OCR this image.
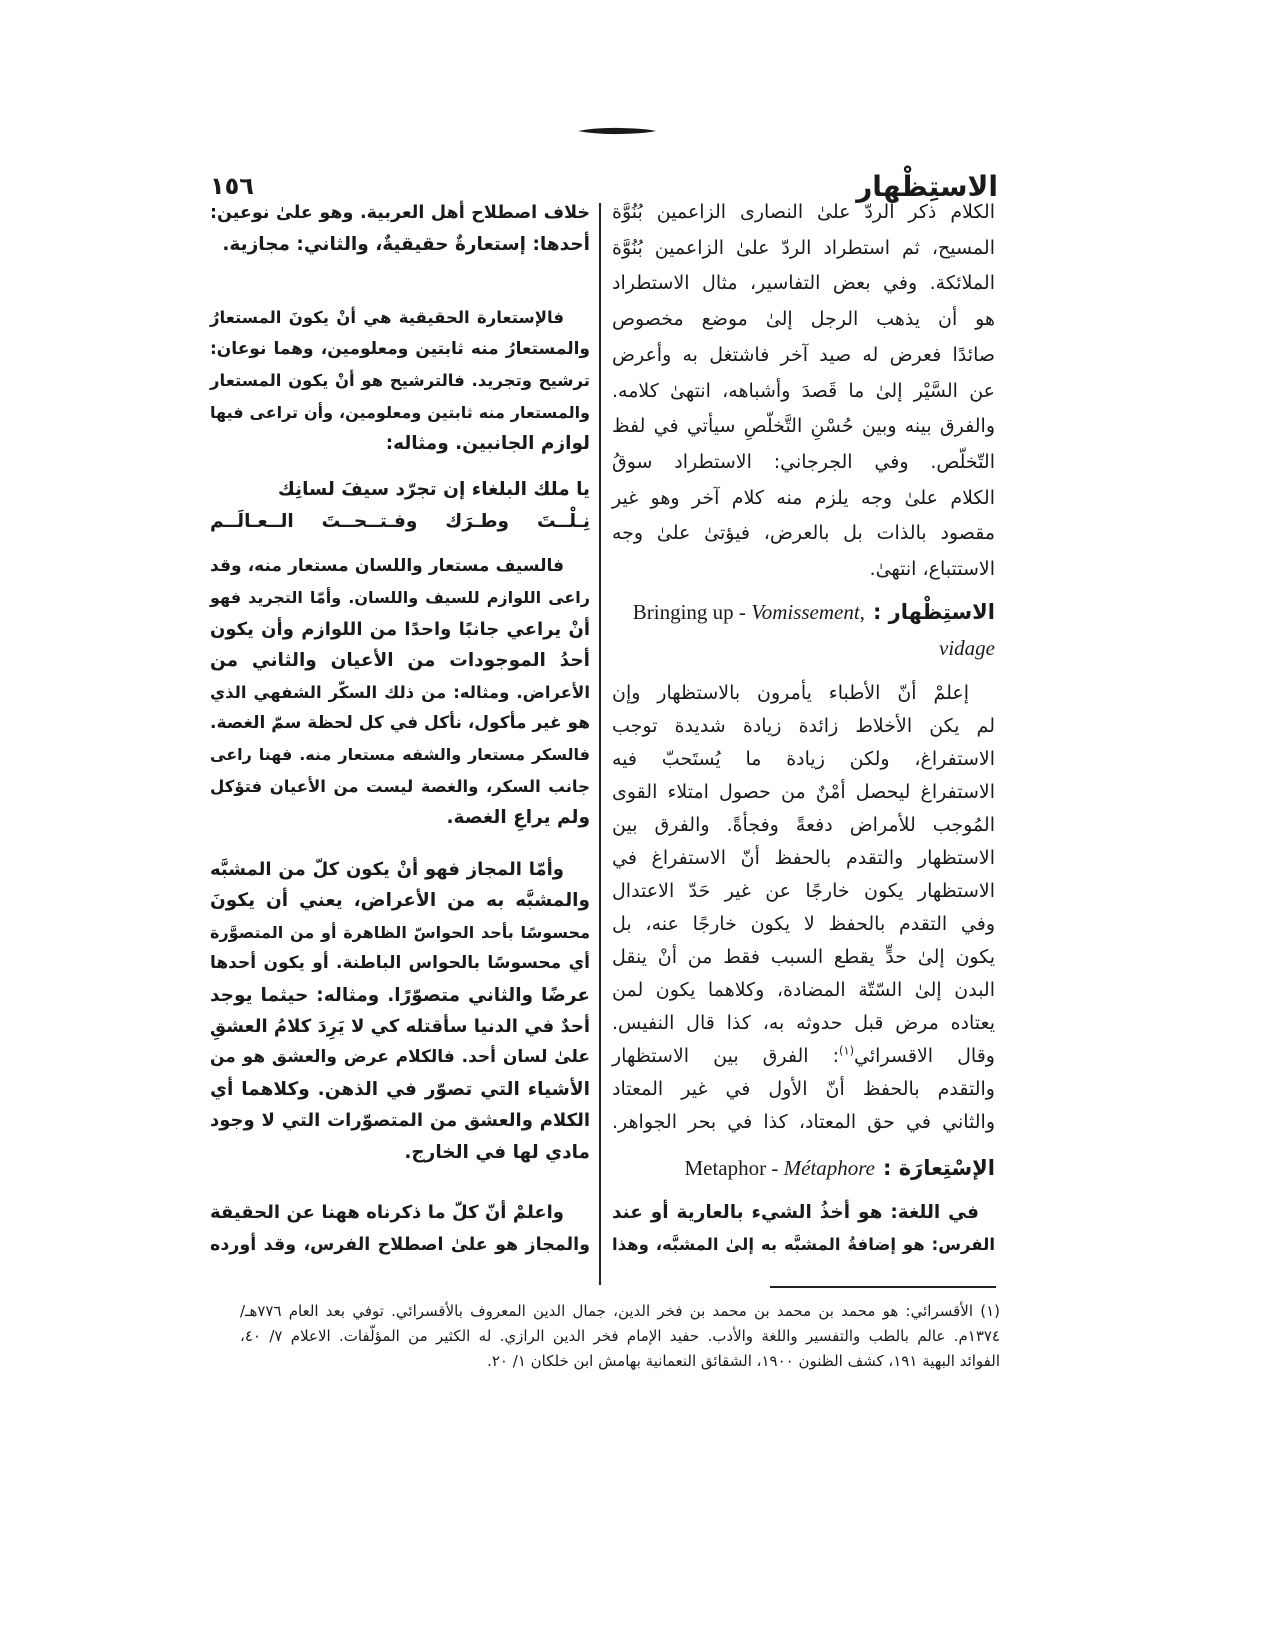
الاستِظْهار
١٥٦
الكلام ذكر الردّ علىٰ النصارى الزاعمين بُنُوَّة
المسيح، ثم استطراد الردّ علىٰ الزاعمين بُنُوَّة
الملائكة. وفي بعض التفاسير، مثال الاستطراد
هو أن يذهب الرجل إلىٰ موضع مخصوص
صائدًا فعرض له صيد آخر فاشتغل به وأعرض
عن السَّيْر إلىٰ ما قَصدَ وأشباهه، انتهىٰ كلامه.
والفرق بينه وبين حُسْنِ التَّخلّصِ سيأتي في لفظ
التّخلّص. وفي الجرجاني: الاستطراد سوقُ
الكلام علىٰ وجه يلزم منه كلام آخر وهو غير
مقصود بالذات بل بالعرض، فيؤتىٰ علىٰ وجه
الاستتباع، انتهىٰ.
الاستِظْهار :Bringing up - Vomissement,
vidage
إعلمْ أنّ الأطباء يأمرون بالاستظهار وإن
لم يكن الأخلاط زائدة زيادة شديدة توجب
الاستفراغ، ولكن زيادة ما يُستَحبّ فيه
الاستفراغ ليحصل أمْنٌ من حصول امتلاء القوى
المُوجب للأمراض دفعةً وفجأةً. والفرق بين
الاستظهار والتقدم بالحفظ أنّ الاستفراغ في
الاستظهار يكون خارجًا عن غير حَدّ الاعتدال
وفي التقدم بالحفظ لا يكون خارجًا عنه، بل
يكون إلىٰ حدٍّ يقطع السبب فقط من أنْ ينقل
البدن إلىٰ السّتّة المضادة، وكلاهما يكون لمن
يعتاده مرض قبل حدوثه به، كذا قال النفيس.
وقال الاقسرائي$^{(١)}$: الفرق بين الاستظهار
والتقدم بالحفظ أنّ الأول في غير المعتاد
والثاني في حق المعتاد، كذا في بحر الجواهر.
الإسْتِعارَة :Metaphor - Métaphore
في اللغة: هو أخذُ الشيء بالعارية أو عند
الفرس: هو إضافةُ المشبَّه به إلىٰ المشبَّه، وهذا
خلاف اصطلاح أهل العربية. وهو علىٰ نوعين:
أحدها: إستعارةٌ حقيقيةٌ، والثاني: مجازية.
فالإستعارة الحقيقية هي أنْ يكونَ المستعارُ
والمستعارُ منه ثابتين ومعلومين، وهما نوعان:
ترشيح وتجريد. فالترشيح هو أنْ يكون المستعار
والمستعار منه ثابتين ومعلومين، وأن تراعى فيها
لوازم الجانبين. ومثاله:
يا ملك البلغاء إن تجرّد سيفَ لسانِك
نِـلْــتَ وطـرَك وفـتــحــتَ الــعـالَــم
فالسيف مستعار واللسان مستعار منه، وقد
راعى اللوازم للسيف واللسان. وأمّا التجريد فهو
أنْ يراعي جانبًا واحدًا من اللوازم وأن يكون
أحدُ الموجودات من الأعيان والثاني من
الأعراض. ومثاله: من ذلك السكّر الشفهي الذي
هو غير مأكول، نأكل في كل لحظة سمّ الغصة.
فالسكر مستعار والشفه مستعار منه. فهنا راعى
جانب السكر، والغصة ليست من الأعيان فتؤكل
ولم يراعِ الغصة.
وأمّا المجاز فهو أنْ يكون كلّ من المشبَّه
والمشبَّه به من الأعراض، يعني أن يكونَ
محسوسًا بأحد الحواسّ الظاهرة أو من المتصوَّرة
أي محسوسًا بالحواس الباطنة. أو يكون أحدها
عرضًا والثاني متصوّرًا. ومثاله: حيثما يوجد
أحدٌ في الدنيا سأقتله كي لا يَرِدَ كلامُ العشقِ
علىٰ لسان أحد. فالكلام عرض والعشق هو من
الأشياء التي تصوّر في الذهن. وكلاهما أي
الكلام والعشق من المتصوّرات التي لا وجود
مادي لها في الخارج.
واعلمْ أنّ كلّ ما ذكرناه ههنا عن الحقيقة
والمجاز هو علىٰ اصطلاح الفرس، وقد أورده
(١) الأقسرائي: هو محمد بن محمد بن محمد بن فخر الدين، جمال الدين المعروف بالأقسرائي. توفي بعد العام ٧٧٦هـ/
١٣٧٤م. عالم بالطب والتفسير واللغة والأدب. حفيد الإمام فخر الدين الرازي. له الكثير من المؤلّفات. الاعلام ٧/ ٤٠،
الفوائد البهية ١٩١، كشف الظنون ١٩٠٠، الشقائق النعمانية بهامش ابن خلكان ١/ ٢٠.
